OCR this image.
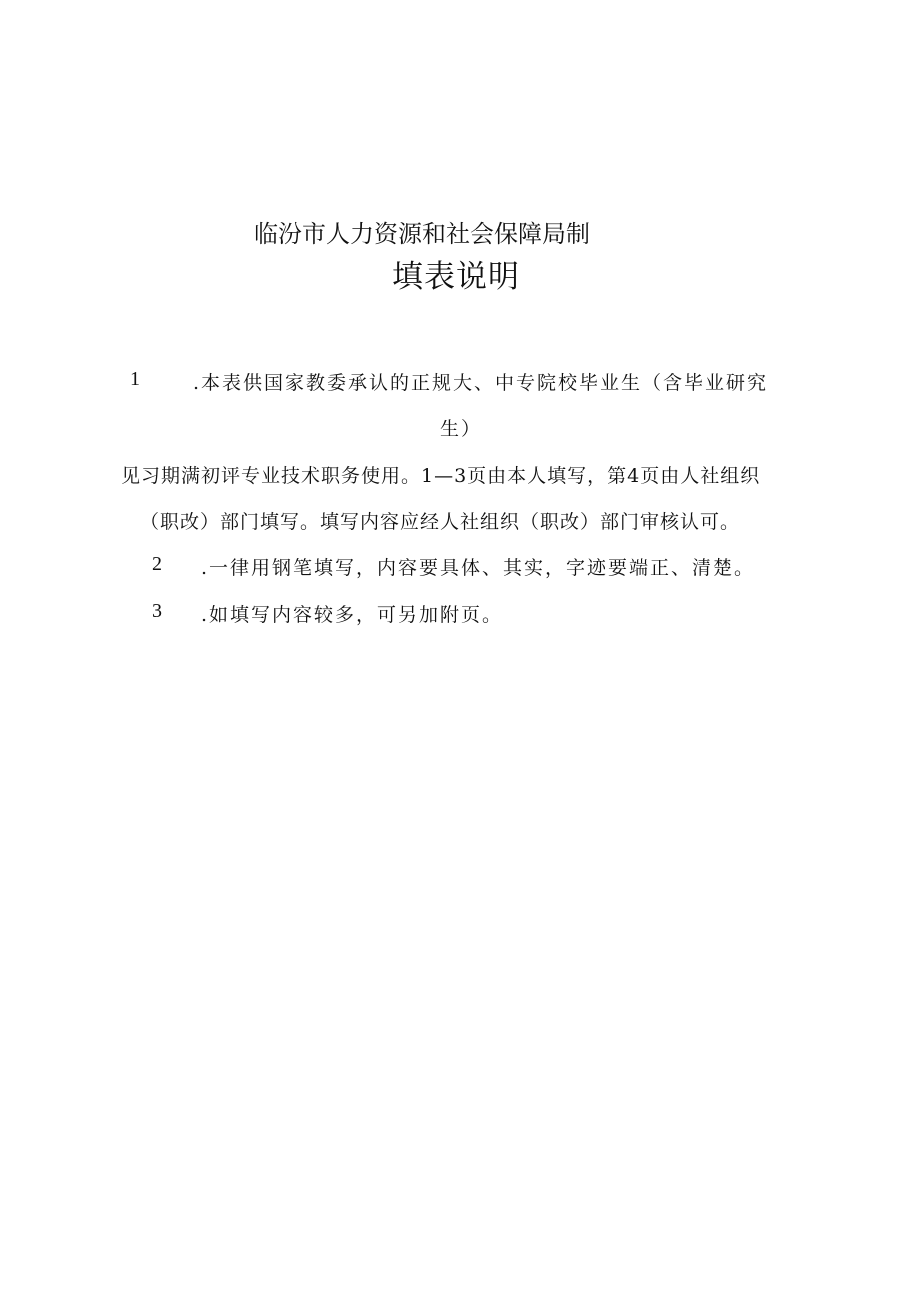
临汾市人力资源和社会保障局制
填表说明
1	.本表供国家教委承认的正规大、中专院校毕业生（含毕业研究
生）
见习期满初评专业技术职务使用。1—3页由本人填写，第4页由人社组织
（职改）部门填写。填写内容应经人社组织（职改）部门审核认可。
2 .一律用钢笔填写，内容要具体、其实，字迹要端正、清楚。
3 .如填写内容较多，可另加附页。
